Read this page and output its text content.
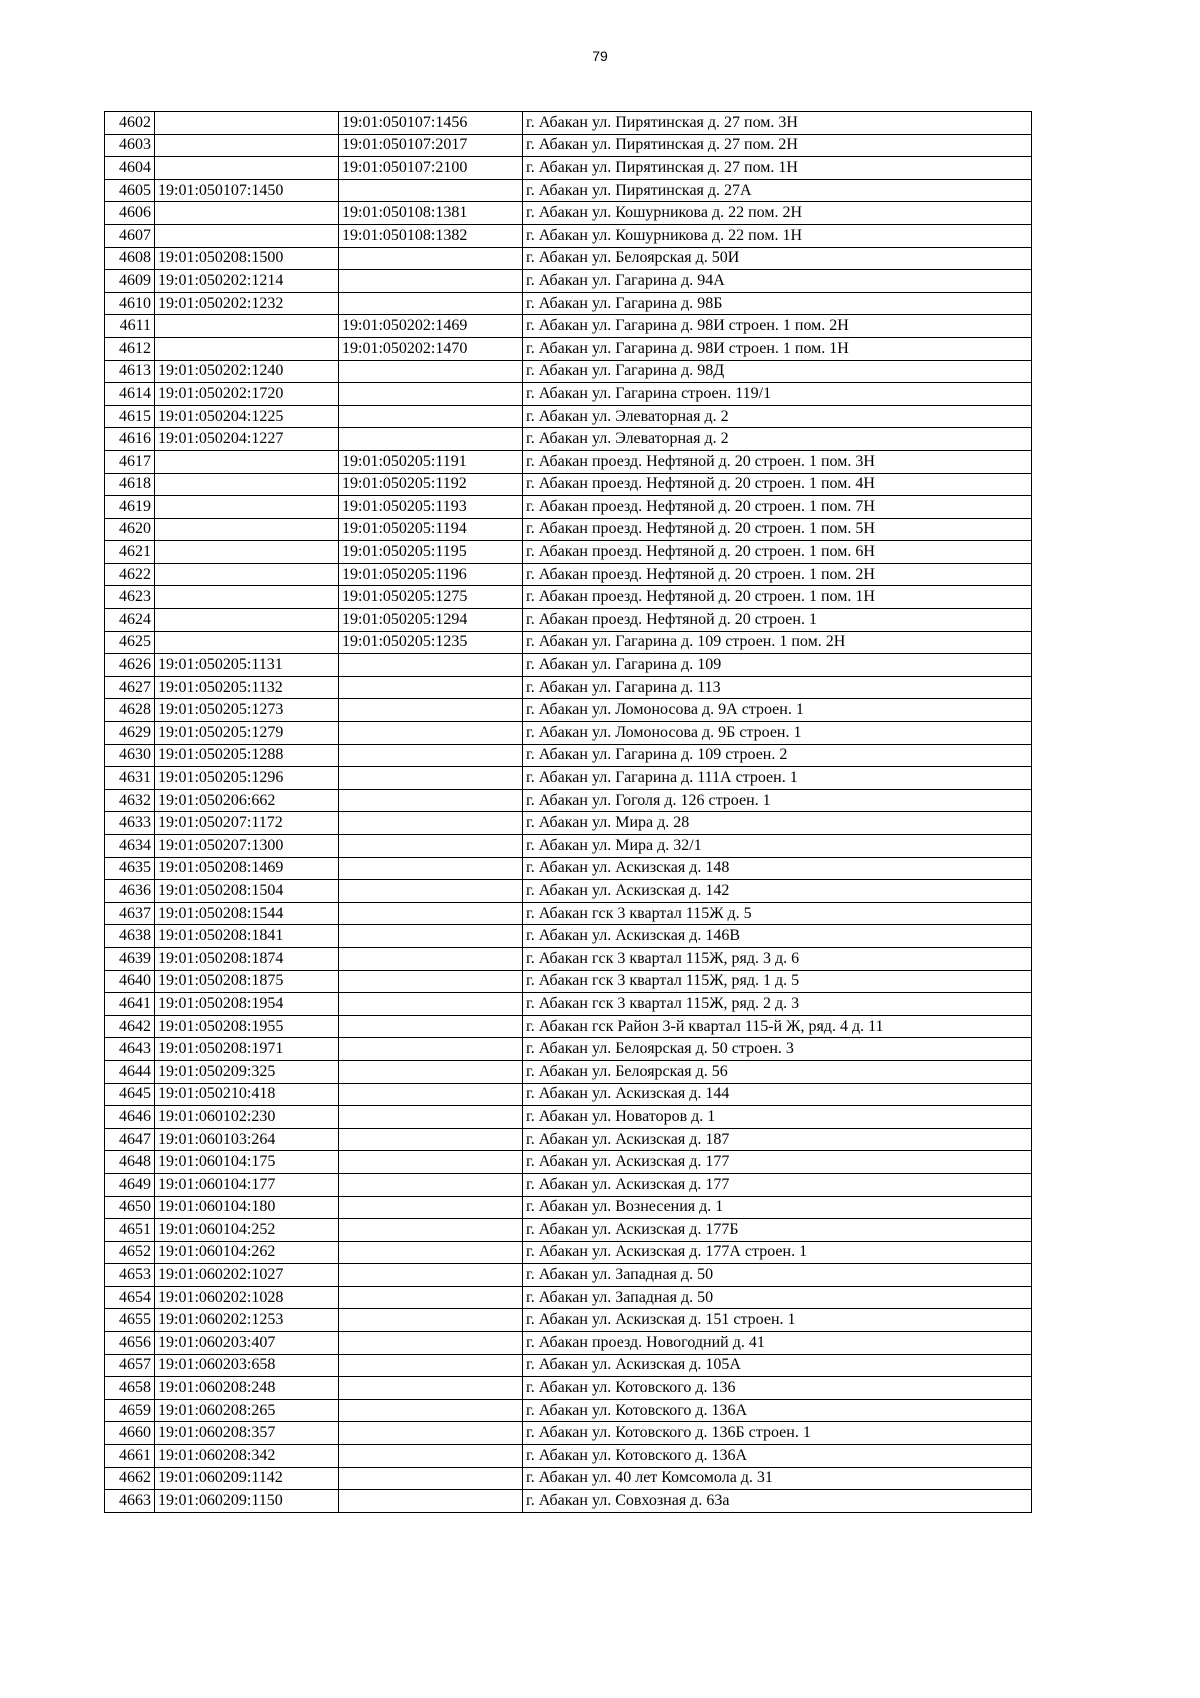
79
4602		19:01:050107:1456	г. Абакан ул. Пирятинская д. 27 пом. 3Н
4603		19:01:050107:2017	г. Абакан ул. Пирятинская д. 27 пом. 2Н
4604		19:01:050107:2100	г. Абакан ул. Пирятинская д. 27 пом. 1Н
4605	19:01:050107:1450		г. Абакан ул. Пирятинская д. 27А
4606		19:01:050108:1381	г. Абакан ул. Кошурникова д. 22 пом. 2Н
4607		19:01:050108:1382	г. Абакан ул. Кошурникова д. 22 пом. 1Н
4608	19:01:050208:1500		г. Абакан ул. Белоярская д. 50И
4609	19:01:050202:1214		г. Абакан ул. Гагарина д. 94А
4610	19:01:050202:1232		г. Абакан ул. Гагарина д. 98Б
4611		19:01:050202:1469	г. Абакан ул. Гагарина д. 98И строен. 1 пом. 2Н
4612		19:01:050202:1470	г. Абакан ул. Гагарина д. 98И строен. 1 пом. 1Н
4613	19:01:050202:1240		г. Абакан ул. Гагарина д. 98Д
4614	19:01:050202:1720		г. Абакан ул. Гагарина строен. 119/1
4615	19:01:050204:1225		г. Абакан ул. Элеваторная д. 2
4616	19:01:050204:1227		г. Абакан ул. Элеваторная д. 2
4617		19:01:050205:1191	г. Абакан проезд. Нефтяной д. 20 строен. 1 пом. 3Н
4618		19:01:050205:1192	г. Абакан проезд. Нефтяной д. 20 строен. 1 пом. 4Н
4619		19:01:050205:1193	г. Абакан проезд. Нефтяной д. 20 строен. 1 пом. 7Н
4620		19:01:050205:1194	г. Абакан проезд. Нефтяной д. 20 строен. 1 пом. 5Н
4621		19:01:050205:1195	г. Абакан проезд. Нефтяной д. 20 строен. 1 пом. 6Н
4622		19:01:050205:1196	г. Абакан проезд. Нефтяной д. 20 строен. 1 пом. 2Н
4623		19:01:050205:1275	г. Абакан проезд. Нефтяной д. 20 строен. 1 пом. 1Н
4624		19:01:050205:1294	г. Абакан проезд. Нефтяной д. 20 строен. 1
4625		19:01:050205:1235	г. Абакан ул. Гагарина д. 109 строен. 1 пом. 2Н
4626	19:01:050205:1131		г. Абакан ул. Гагарина д. 109
4627	19:01:050205:1132		г. Абакан ул. Гагарина д. 113
4628	19:01:050205:1273		г. Абакан ул. Ломоносова д. 9А строен. 1
4629	19:01:050205:1279		г. Абакан ул. Ломоносова д. 9Б строен. 1
4630	19:01:050205:1288		г. Абакан ул. Гагарина д. 109 строен. 2
4631	19:01:050205:1296		г. Абакан ул. Гагарина д. 111А строен. 1
4632	19:01:050206:662		г. Абакан ул. Гоголя д. 126 строен. 1
4633	19:01:050207:1172		г. Абакан ул. Мира д. 28
4634	19:01:050207:1300		г. Абакан ул. Мира д. 32/1
4635	19:01:050208:1469		г. Абакан ул. Аскизская д. 148
4636	19:01:050208:1504		г. Абакан ул. Аскизская д. 142
4637	19:01:050208:1544		г. Абакан гск 3 квартал 115Ж д. 5
4638	19:01:050208:1841		г. Абакан ул. Аскизская д. 146В
4639	19:01:050208:1874		г. Абакан гск 3 квартал 115Ж, ряд. 3 д. 6
4640	19:01:050208:1875		г. Абакан гск 3 квартал 115Ж, ряд. 1 д. 5
4641	19:01:050208:1954		г. Абакан гск 3 квартал 115Ж, ряд. 2 д. 3
4642	19:01:050208:1955		г. Абакан гск Район 3-й квартал 115-й Ж, ряд. 4 д. 11
4643	19:01:050208:1971		г. Абакан ул. Белоярская д. 50 строен. 3
4644	19:01:050209:325		г. Абакан ул. Белоярская д. 56
4645	19:01:050210:418		г. Абакан ул. Аскизская д. 144
4646	19:01:060102:230		г. Абакан ул. Новаторов д. 1
4647	19:01:060103:264		г. Абакан ул. Аскизская д. 187
4648	19:01:060104:175		г. Абакан ул. Аскизская д. 177
4649	19:01:060104:177		г. Абакан ул. Аскизская д. 177
4650	19:01:060104:180		г. Абакан ул. Вознесения д. 1
4651	19:01:060104:252		г. Абакан ул. Аскизская д. 177Б
4652	19:01:060104:262		г. Абакан ул. Аскизская д. 177А строен. 1
4653	19:01:060202:1027		г. Абакан ул. Западная д. 50
4654	19:01:060202:1028		г. Абакан ул. Западная д. 50
4655	19:01:060202:1253		г. Абакан ул. Аскизская д. 151 строен. 1
4656	19:01:060203:407		г. Абакан проезд. Новогодний д. 41
4657	19:01:060203:658		г. Абакан ул. Аскизская д. 105А
4658	19:01:060208:248		г. Абакан ул. Котовского д. 136
4659	19:01:060208:265		г. Абакан ул. Котовского д. 136А
4660	19:01:060208:357		г. Абакан ул. Котовского д. 136Б строен. 1
4661	19:01:060208:342		г. Абакан ул. Котовского д. 136А
4662	19:01:060209:1142		г. Абакан ул. 40 лет Комсомола д. 31
4663	19:01:060209:1150		г. Абакан ул. Совхозная д. 63а
